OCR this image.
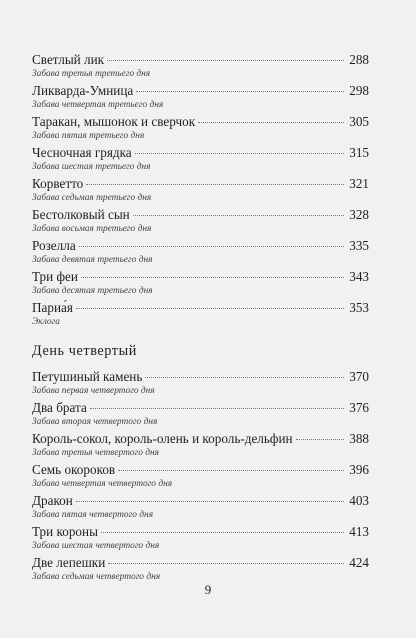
Светлый лик	288
Забава третья третьего дня
Ликварда-Умница	298
Забава четвертая третьего дня
Таракан, мышонок и сверчок	305
Забава пятая третьего дня
Чесночная грядка	315
Забава шестая третьего дня
Корветто	321
Забава седьмая третьего дня
Бестолковый сын	328
Забава восьмая третьего дня
Розелла	335
Забава девятая третьего дня
Три феи	343
Забава десятая третьего дня
Париа́я	353
Эклога
День четвертый
Петушиный камень	370
Забава первая четвертого дня
Два брата	376
Забава вторая четвертого дня
Король-сокол, король-олень и король-дельфин	388
Забава третья четвертого дня
Семь окороков	396
Забава четвертая четвертого дня
Дракон	403
Забава пятая четвертого дня
Три короны	413
Забава шестая четвертого дня
Две лепешки	424
Забава седьмая четвертого дня
9
